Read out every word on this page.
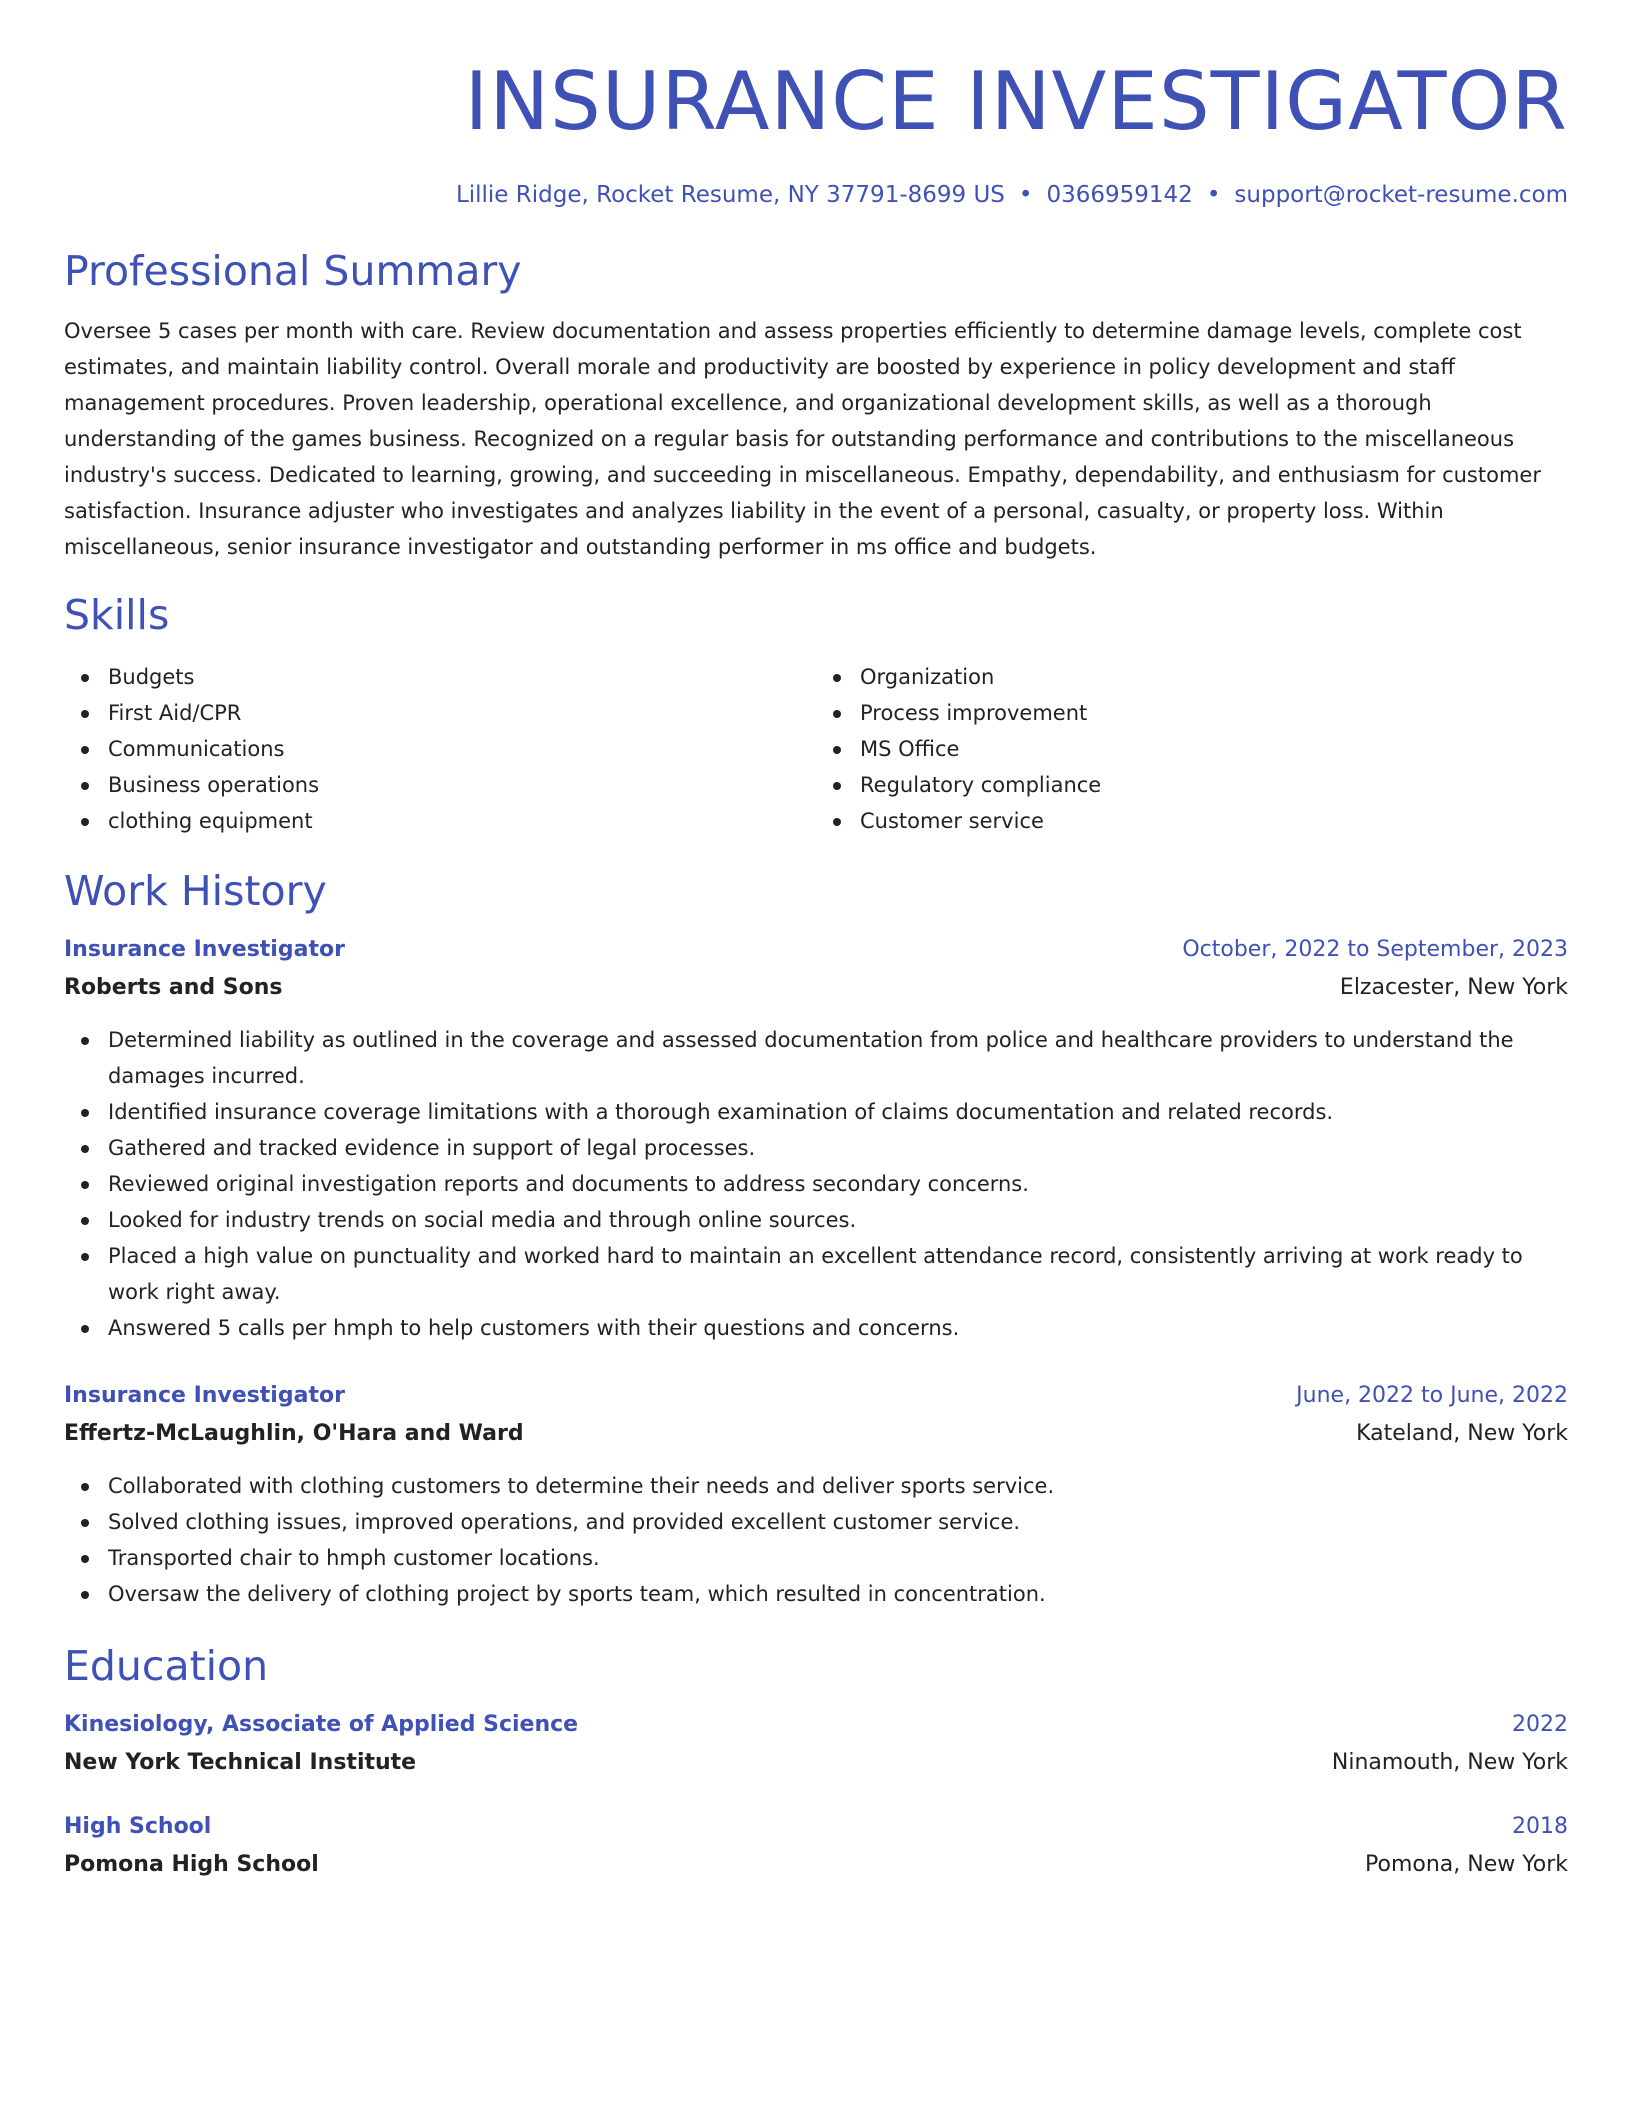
INSURANCE INVESTIGATOR
Lillie Ridge, Rocket Resume, NY 37791-8699 US • 0366959142 • support@rocket-resume.com
Professional Summary
Oversee 5 cases per month with care. Review documentation and assess properties efficiently to determine damage levels, complete cost estimates, and maintain liability control. Overall morale and productivity are boosted by experience in policy development and staff management procedures. Proven leadership, operational excellence, and organizational development skills, as well as a thorough understanding of the games business. Recognized on a regular basis for outstanding performance and contributions to the miscellaneous industry's success. Dedicated to learning, growing, and succeeding in miscellaneous. Empathy, dependability, and enthusiasm for customer satisfaction. Insurance adjuster who investigates and analyzes liability in the event of a personal, casualty, or property loss. Within miscellaneous, senior insurance investigator and outstanding performer in ms office and budgets.
Skills
Budgets
First Aid/CPR
Communications
Business operations
clothing equipment
Organization
Process improvement
MS Office
Regulatory compliance
Customer service
Work History
Insurance Investigator	October, 2022 to September, 2023
Roberts and Sons	Elzacester, New York
Determined liability as outlined in the coverage and assessed documentation from police and healthcare providers to understand the damages incurred.
Identified insurance coverage limitations with a thorough examination of claims documentation and related records.
Gathered and tracked evidence in support of legal processes.
Reviewed original investigation reports and documents to address secondary concerns.
Looked for industry trends on social media and through online sources.
Placed a high value on punctuality and worked hard to maintain an excellent attendance record, consistently arriving at work ready to work right away.
Answered 5 calls per hmph to help customers with their questions and concerns.
Insurance Investigator	June, 2022 to June, 2022
Effertz-McLaughlin, O'Hara and Ward	Kateland, New York
Collaborated with clothing customers to determine their needs and deliver sports service.
Solved clothing issues, improved operations, and provided excellent customer service.
Transported chair to hmph customer locations.
Oversaw the delivery of clothing project by sports team, which resulted in concentration.
Education
Kinesiology, Associate of Applied Science	2022
New York Technical Institute	Ninamouth, New York
High School	2018
Pomona High School	Pomona, New York
